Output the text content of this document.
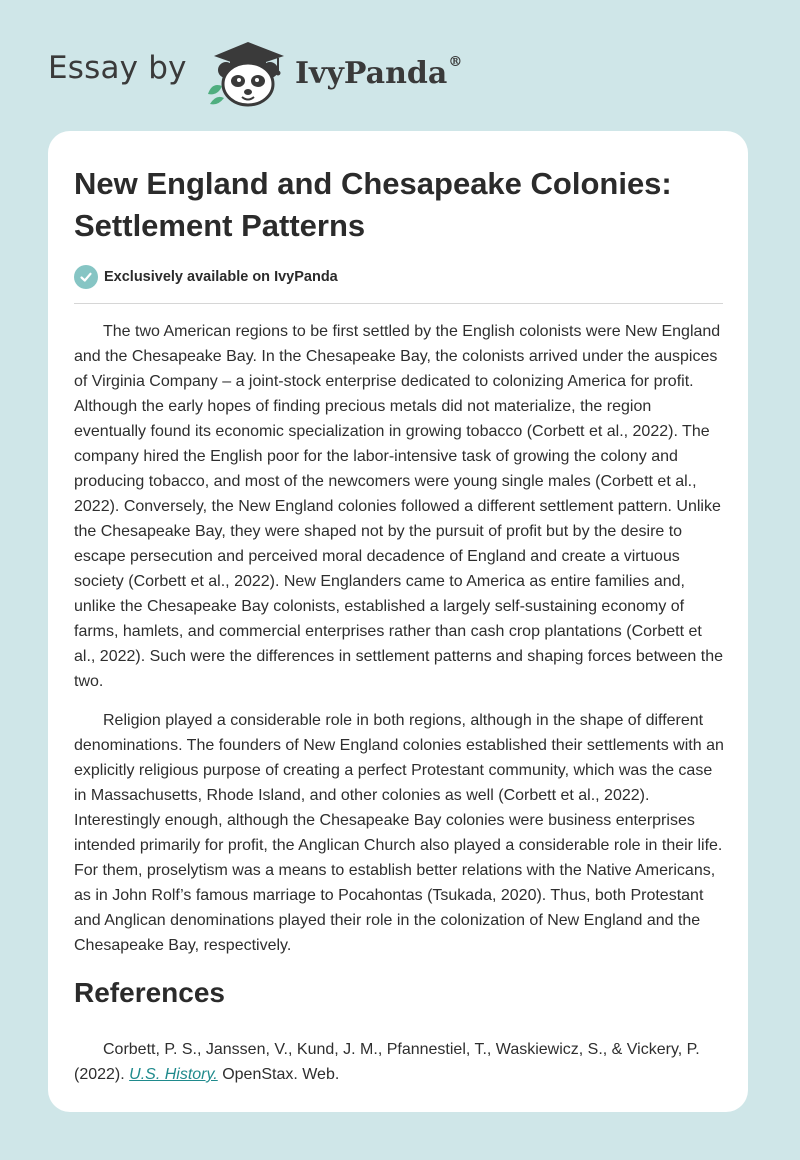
Essay by	IvyPanda®
New England and Chesapeake Colonies: Settlement Patterns
Exclusively available on IvyPanda

The two American regions to be first settled by the English colonists were New England and the Chesapeake Bay. In the Chesapeake Bay, the colonists arrived under the auspices of Virginia Company – a joint-stock enterprise dedicated to colonizing America for profit. Although the early hopes of finding precious metals did not materialize, the region eventually found its economic specialization in growing tobacco (Corbett et al., 2022). The company hired the English poor for the labor-intensive task of growing the colony and producing tobacco, and most of the newcomers were young single males (Corbett et al., 2022). Conversely, the New England colonies followed a different settlement pattern. Unlike the Chesapeake Bay, they were shaped not by the pursuit of profit but by the desire to escape persecution and perceived moral decadence of England and create a virtuous society (Corbett et al., 2022). New Englanders came to America as entire families and, unlike the Chesapeake Bay colonists, established a largely self-sustaining economy of farms, hamlets, and commercial enterprises rather than cash crop plantations (Corbett et al., 2022). Such were the differences in settlement patterns and shaping forces between the two.

Religion played a considerable role in both regions, although in the shape of different denominations. The founders of New England colonies established their settlements with an explicitly religious purpose of creating a perfect Protestant community, which was the case in Massachusetts, Rhode Island, and other colonies as well (Corbett et al., 2022). Interestingly enough, although the Chesapeake Bay colonies were business enterprises intended primarily for profit, the Anglican Church also played a considerable role in their life. For them, proselytism was a means to establish better relations with the Native Americans, as in John Rolf’s famous marriage to Pocahontas (Tsukada, 2020). Thus, both Protestant and Anglican denominations played their role in the colonization of New England and the Chesapeake Bay, respectively.

References

Corbett, P. S., Janssen, V., Kund, J. M., Pfannestiel, T., Waskiewicz, S., & Vickery, P. (2022). U.S. History. OpenStax. Web.
